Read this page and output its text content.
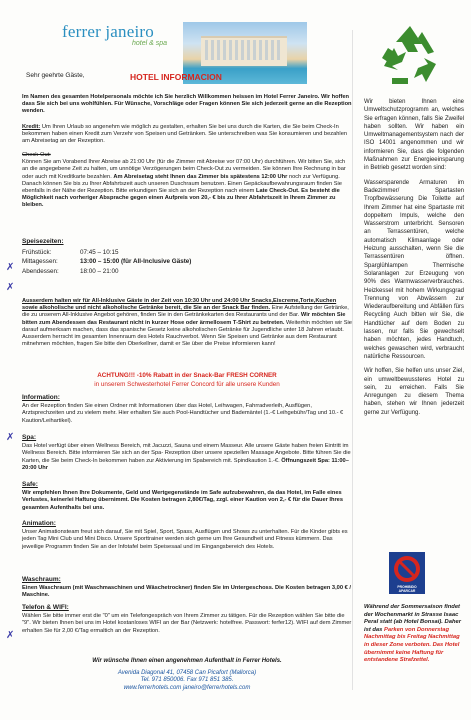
ferrer janeiro
hotel & spa
Sehr geehrte Gäste,	HOTEL INFORMACION
Im Namen des gesamten Hotelpersonals möchte ich Sie herzlich Willkommen heissen im Hotel Ferrer Janeiro. Wir hoffen dass Sie sich bei uns wohlfühlen. Für Wünsche, Vorschläge oder Fragen können Sie sich jederzeit gerne an die Rezeption wenden.
Kredit: Um Ihren Urlaub so angenehm wie möglich zu gestalten, erhalten Sie bei uns durch die Karten, die Sie beim Check-In bekommen haben einen Kredit zum Verzehr von Speisen und Getränken. Sie unterschreiben was Sie konsumieren und bezahlen am Abreisetag an der Rezeption.
Check-Out:
Können Sie am Vorabend Ihrer Abreise ab 21:00 Uhr (für die Zimmer mit Abreise vor 07:00 Uhr) durchführen. Wir bitten Sie, sich an die angegebene Zeit zu halten, um unnötige Verzögerungen beim Check-Out zu vermeiden. Sie können Ihre Rechnung in bar oder auch mit Kreditkarte bezahlen. Am Abreisetag steht Ihnen das Zimmer bis spätestens 12:00 Uhr noch zur Verfügung. Danach können Sie bis zu Ihrer Abfahrtszeit auch unseren Duschraum benutzen. Einen Gepäckaufbewahrungsraum finden Sie ebenfalls in der Nähe der Rezeption. Bitte erkundigen Sie sich an der Rezeption nach einem Late Check-Out. Es besteht die Möglichkeit nach vorheriger Absprache gegen einen Aufpreis von 20,- € bis zu Ihrer Abfahrtszeit in Ihrem Zimmer zu bleiben.
Speisezeiten:
Frühstück:	07:45 – 10:15
Mittagessen:	13:00 – 15:00 (für All-Inclusive Gäste)
Abendessen:	18:00 – 21:00
✗
✗
Ausserdem halten wir für All-Inklusive Gäste in der Zeit von 10:30 Uhr und 24:00 Uhr Snacks,Eiscreme,Torte,Kuchen sowie alkoholische und nicht alkoholische Getränke bereit, die Sie an der Snack Bar finden. Eine Aufstellung der Getränke, die zu unserem All-Inklusive Angebot gehören, finden Sie in den Getränkekarten des Restaurants und der Bar. Wir möchten Sie bitten zum Abendessen das Restaurant nicht in kurzer Hose oder ärmellosem T-Shirt zu betreten. Weiterhin möchten wir Sie darauf aufmerksam machen, dass das spanische Gesetz keine alkoholischen Getränke für Jugendliche unter 18 Jahren erlaubt. Ausserdem herrscht im gesamten Innenraum des Hotels Rauchverbot. Wenn Sie Speisen und Getränke aus dem Restaurant mitnehmen möchten, fragen Sie bitte den Oberkellner, damit er Sie über die Preise informieren kann!
ACHTUNG!!! -10% Rabatt in der Snack-Bar FRESH CORNER
in unserem Schwesterhotel Ferrer Concord für alle unsere Kunden
Information:
An der Rezeption finden Sie einen Ordner mit Informationen über das Hotel, Leihwagen, Fahrradverleih, Ausflügen, Arztsprechzeiten und zu vielem mehr. Hier erhalten Sie auch Pool-Handtücher und Bademäntel (1.-€ Leihgebühr/Tag und 10.- € Kaution/Leihartikel).
Spa:
Das Hotel verfügt über einen Wellness Bereich, mit Jacuzzi, Sauna und einem Masseur. Alle unsere Gäste haben freien Eintritt im Wellness Bereich. Bitte informieren Sie sich an der Spa- Rezeption über unsere speziellen Massage Angebote. Bitte führen Sie die Karten, die Sie beim Check-In bekommen haben zur Aktivierung im Spabereich mit. Spindkaution 1.-€. Öffnungszeit Spa: 11:00– 20:00 Uhr
✗
Safe:
Wir empfehlen Ihnen Ihre Dokumente, Geld und Wertgegenstände im Safe aufzubewahren, da das Hotel, im Falle eines Verlustes, keinerlei Haftung übernimmt. Die Kosten betragen 2,80€/Tag, zzgl. einer Kaution von 2,- € für die Dauer Ihres gesamten Aufenthalts bei uns.
Animation:
Unser Animationsteam freut sich darauf, Sie mit Spiel, Sport, Spass, Ausflügen und Shows zu unterhalten. Für die Kinder gibts es jeden Tag Mini Club und Mini Disco. Unsere Sporttrainer werden sich gerne um Ihre Gesundheit und Fitness kümmern. Das jeweilige Programm finden Sie an der Infotafel beim Speisesaal und im Eingangsbereich des Hotels.
Waschraum:
Einen Waschraum (mit Waschmaschinen und Wäschetrockner) finden Sie im Untergeschoss. Die Kosten betragen 3,00 € / Maschine.
Telefon & WIFI:
Wählen Sie bitte immer erst die "0" um ein Telefongespräch von Ihrem Zimmer zu tätigen. Für die Rezeption wählen Sie bitte die "9". Wir bieten Ihnen bei uns im Hotel kostanloses WIFI an der Bar (Netzwerk: hotelfree. Passwort: ferfer12). WIFI auf dem Zimmer erhalten Sie für 2,00 €/Tag ermaltich an der Rezeption.
✗
Wir wünsche Ihnen einen angenehmen Aufenthalt in Ferrer Hotels.
Avenida Diagonal 41, 07458 Can Picafort (Mallorca)
Tel. 971 850006. Fax 971 851 385.
www.ferrerhotels.com janeiro@ferrerhotels.com
Wir bieten Ihnen eine Umweltschutzprogramm an, welches Sie erfragen können, falls Sie Zweifel haben sollten. Wir haben ein Umweltmanagementsystem nach der ISO 14001 angenommen und wir informieren Sie, dass die folgenden Maßnahmen zur Energieeinsparung in Betrieb gesetzt worden sind:
Wassersparende Armaturen im Badezimmer/ Spartasten Tropfbewässerung Die Toilette auf Ihrem Zimmer hat eine Spartaste mit doppeltem Impuls, welche den Wasserstrom unterbricht. Sensoren an Terrassentüren, welche automatisch Klimaanlage oder Heizung ausschalten, wenn Sie die Terrassentüren öffnen. Sparglühlampen Thermische Solaranlagen zur Erzeugung von 90% des Warmwasserverbrauches. Heizkessel mit hohem Wirkungsgrad Trennung von Abwässern zur Wiederaufbereitung und Abfällen fürs Recycling Auch bitten wir Sie, die Handtücher auf dem Boden zu lassen, nur falls Sie gewechselt haben möchten, jedes Handtuch, welches gewaschen wird, verbraucht natürliche Ressourcen.
Wir hoffen, Sie helfen uns unser Ziel, ein umweltbewussteres Hotel zu sein, zu erreichen. Falls Sie Anregungen zu diesem Thema haben, stehen wir Ihnen jederzeit gerne zur Verfügung.
PROHIBIDO APARCAR
Während der Sommersaison findet der Wochenmarkt in Strasse Isaac Peral statt (ab Hotel Bonsai). Daher ist das Parken von Donnerstag Nachmittag bis Freitag Nachmittag in dieser Zone verboten. Das Hotel übernimmt keine Haftung für entstandene Strafzettel.
